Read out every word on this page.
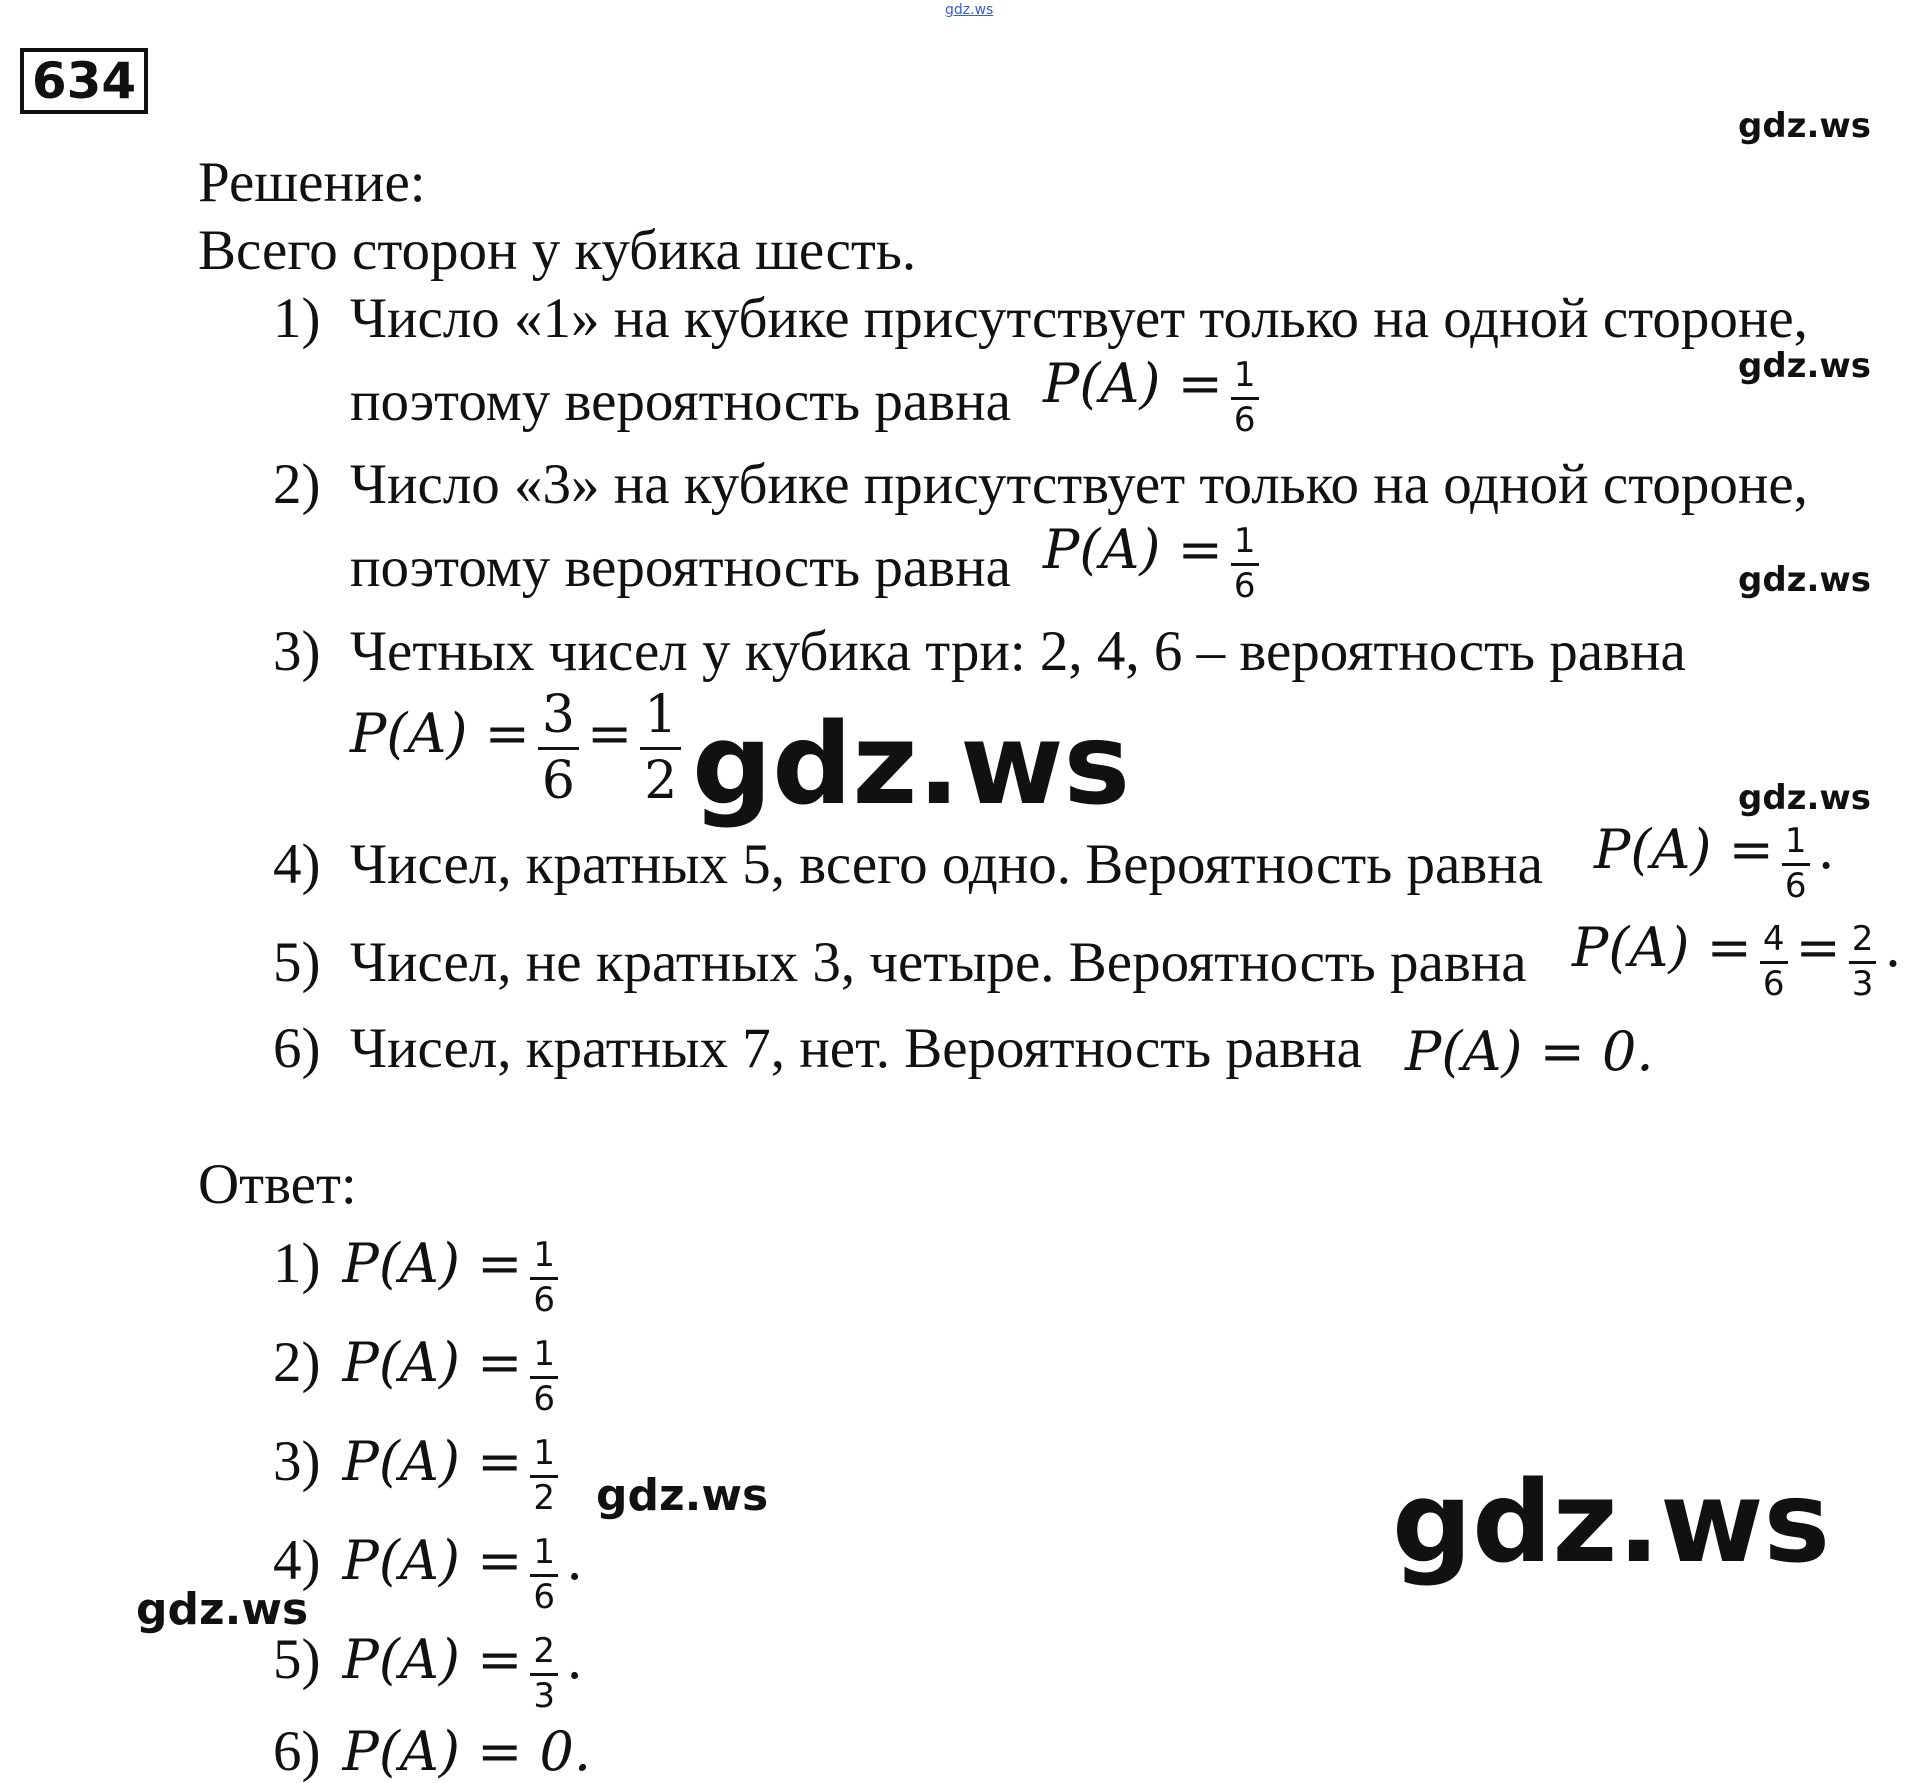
gdz.ws
634
gdz.ws
gdz.ws
gdz.ws
gdz.ws
Решение:
Всего сторон у кубика шесть.
1) Число «1» на кубике присутствует только на одной стороне,
поэтому вероятность равна $P(A) = \frac{1}{6}$
2) Число «3» на кубике присутствует только на одной стороне,
поэтому вероятность равна $P(A) = \frac{1}{6}$
3) Четных чисел у кубика три: 2, 4, 6 – вероятность равна
$P(A) = \frac{3}{6} = \frac{1}{2} gdz.ws$
4) Чисел, кратных 5, всего одно. Вероятность равна $P(A) = \frac{1}{6}$ .
5) Чисел, не кратных 3, четыре. Вероятность равна $P(A) = \frac{4}{6} = \frac{2}{3}$ .
6) Чисел, кратных 7, нет. Вероятность равна P(A) = 0.
Ответ:
1) $P(A) = \frac{1}{6}$
2) $P(A) = \frac{1}{6}$
3) $P(A) = \frac{1}{2}$
4) $P(A) = \frac{1}{6}$ .
5) $P(A) = \frac{2}{3}$ .
6) P(A) = 0.
gdz.ws
gdz.ws
gdz.ws
